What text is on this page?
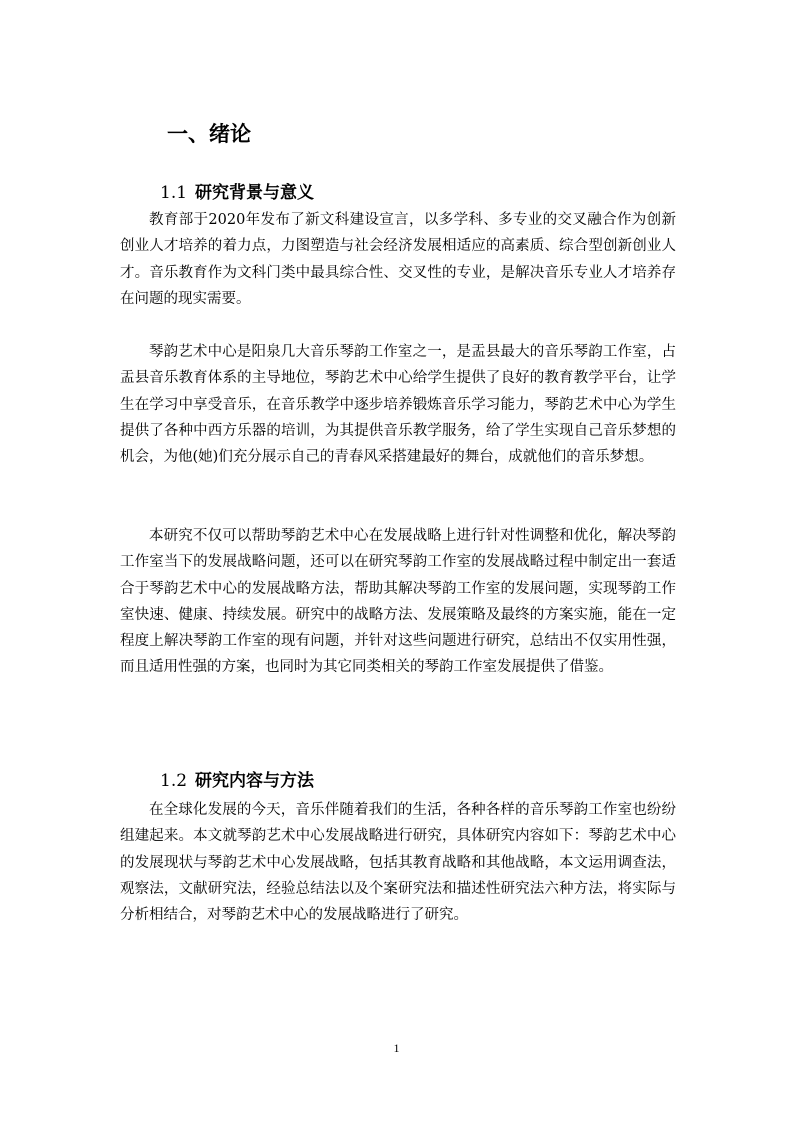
一、绪论
1.1 研究背景与意义

教育部于2020年发布了新文科建设宣言，以多学科、多专业的交叉融合作为创新创业人才培养的着力点，力图塑造与社会经济发展相适应的高素质、综合型创新创业人才。音乐教育作为文科门类中最具综合性、交叉性的专业，是解决音乐专业人才培养存在问题的现实需要。

琴韵艺术中心是阳泉几大音乐琴韵工作室之一，是盂县最大的音乐琴韵工作室，占盂县音乐教育体系的主导地位，琴韵艺术中心给学生提供了良好的教育教学平台，让学生在学习中享受音乐，在音乐教学中逐步培养锻炼音乐学习能力，琴韵艺术中心为学生提供了各种中西方乐器的培训，为其提供音乐教学服务，给了学生实现自己音乐梦想的机会，为他(她)们充分展示自己的青春风采搭建最好的舞台，成就他们的音乐梦想。

本研究不仅可以帮助琴韵艺术中心在发展战略上进行针对性调整和优化，解决琴韵工作室当下的发展战略问题，还可以在研究琴韵工作室的发展战略过程中制定出一套适合于琴韵艺术中心的发展战略方法，帮助其解决琴韵工作室的发展问题，实现琴韵工作室快速、健康、持续发展。研究中的战略方法、发展策略及最终的方案实施，能在一定程度上解决琴韵工作室的现有问题，并针对这些问题进行研究，总结出不仅实用性强，而且适用性强的方案，也同时为其它同类相关的琴韵工作室发展提供了借鉴。

1.2 研究内容与方法

在全球化发展的今天，音乐伴随着我们的生活，各种各样的音乐琴韵工作室也纷纷组建起来。本文就琴韵艺术中心发展战略进行研究，具体研究内容如下：琴韵艺术中心的发展现状与琴韵艺术中心发展战略，包括其教育战略和其他战略，本文运用调查法，观察法，文献研究法，经验总结法以及个案研究法和描述性研究法六种方法，将实际与分析相结合，对琴韵艺术中心的发展战略进行了研究。

1
